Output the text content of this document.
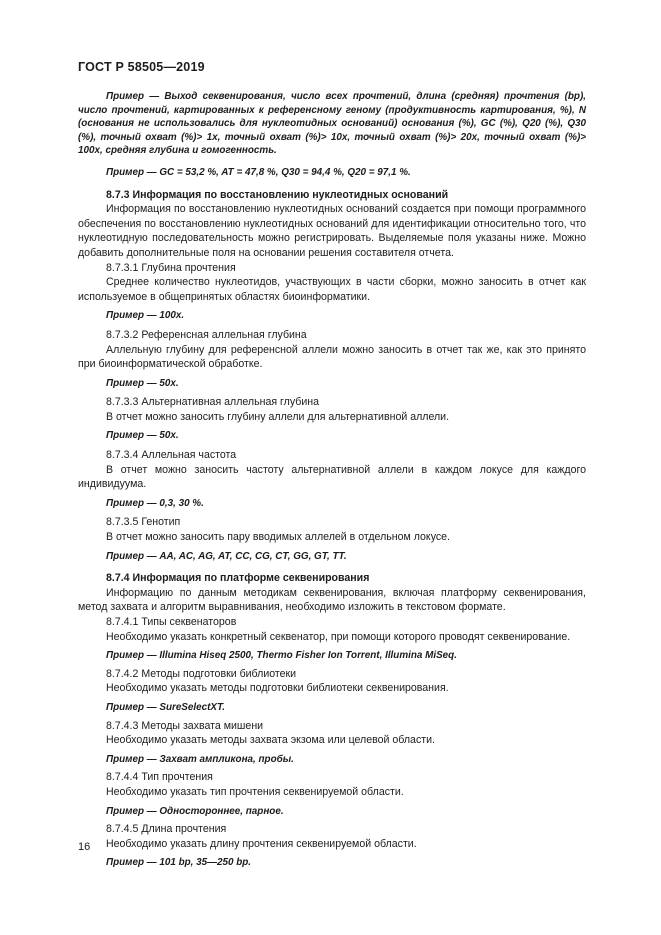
ГОСТ Р 58505—2019

Пример — Выход секвенирования, число всех прочтений, длина (средняя) прочтения (bp), число прочтений, картированных к референсному геному (продуктивность картирования, %), N (основания не использовались для нуклеотидных оснований) основания (%), GC (%), Q20 (%), Q30 (%), точный охват (%)> 1x, точный охват (%)> 10x, точный охват (%)> 20x, точный охват (%)> 100x, средняя глубина и гомогенность.

Пример — GC = 53,2 %, AT = 47,8 %, Q30 = 94,4 %, Q20 = 97,1 %.

8.7.3 Информация по восстановлению нуклеотидных оснований

Информация по восстановлению нуклеотидных оснований создается при помощи программного обеспечения по восстановлению нуклеотидных оснований для идентификации относительно того, что нуклеотидную последовательность можно регистрировать. Выделяемые поля указаны ниже. Можно добавить дополнительные поля на основании решения составителя отчета.

8.7.3.1 Глубина прочтения

Среднее количество нуклеотидов, участвующих в части сборки, можно заносить в отчет как используемое в общепринятых областях биоинформатики.

Пример — 100x.

8.7.3.2 Референсная аллельная глубина

Аллельную глубину для референсной аллели можно заносить в отчет так же, как это принято при биоинформатической обработке.

Пример — 50x.

8.7.3.3 Альтернативная аллельная глубина

В отчет можно заносить глубину аллели для альтернативной аллели.

Пример — 50x.

8.7.3.4 Аллельная частота

В отчет можно заносить частоту альтернативной аллели в каждом локусе для каждого индивидуума.

Пример — 0,3, 30 %.

8.7.3.5 Генотип

В отчет можно заносить пару вводимых аллелей в отдельном локусе.

Пример — AA, AC, AG, AT, CC, CG, CT, GG, GT, TT.

8.7.4 Информация по платформе секвенирования

Информацию по данным методикам секвенирования, включая платформу секвенирования, метод захвата и алгоритм выравнивания, необходимо изложить в текстовом формате.

8.7.4.1 Типы секвенаторов

Необходимо указать конкретный секвенатор, при помощи которого проводят секвенирование.

Пример — Illumina Hiseq 2500, Thermo Fisher Ion Torrent, Illumina MiSeq.

8.7.4.2 Методы подготовки библиотеки

Необходимо указать методы подготовки библиотеки секвенирования.

Пример — SureSelectXT.

8.7.4.3 Методы захвата мишени

Необходимо указать методы захвата экзома или целевой области.

Пример — Захват ампликона, пробы.

8.7.4.4 Тип прочтения

Необходимо указать тип прочтения секвенируемой области.

Пример — Одностороннее, парное.

8.7.4.5 Длина прочтения

Необходимо указать длину прочтения секвенируемой области.

Пример — 101 bp, 35—250 bp.

16
